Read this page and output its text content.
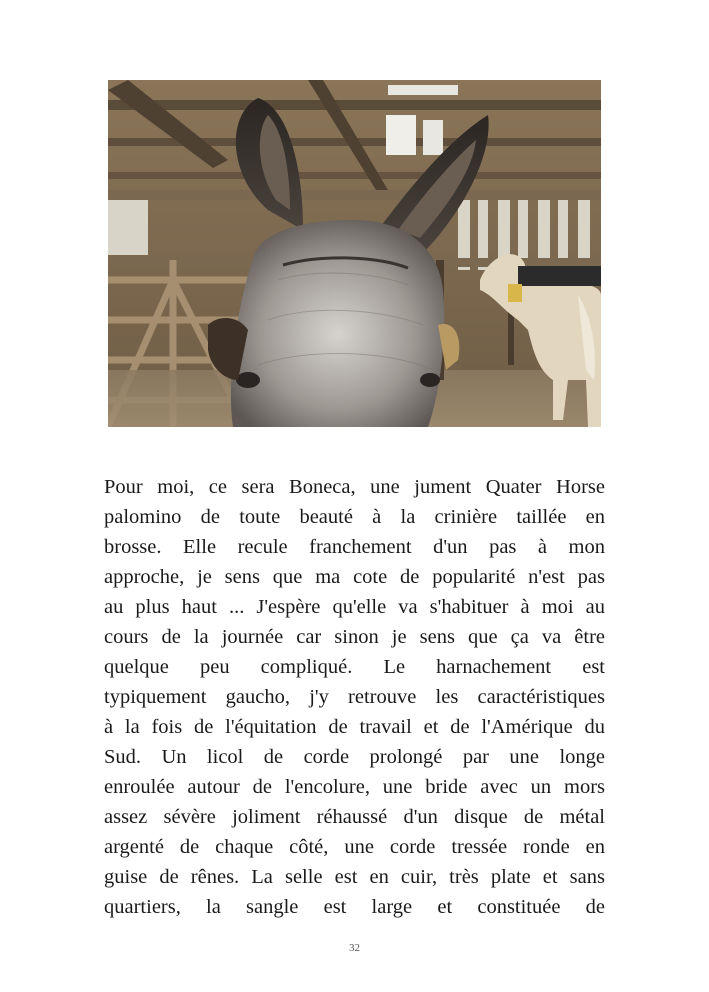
Pour moi, ce sera Boneca, une jument Quater Horse
palomino de toute beauté à la crinière taillée en
brosse. Elle recule franchement d'un pas à mon
approche, je sens que ma cote de popularité n'est pas
au plus haut ... J'espère qu'elle va s'habituer à moi au
cours de la journée car sinon je sens que ça va être
quelque peu compliqué. Le harnachement est
typiquement gaucho, j'y retrouve les caractéristiques
à la fois de l'équitation de travail et de l'Amérique du
Sud. Un licol de corde prolongé par une longe
enroulée autour de l'encolure, une bride avec un mors
assez sévère joliment réhaussé d'un disque de métal
argenté de chaque côté, une corde tressée ronde en
guise de rênes. La selle est en cuir, très plate et sans
quartiers, la sangle est large et constituée de

32
